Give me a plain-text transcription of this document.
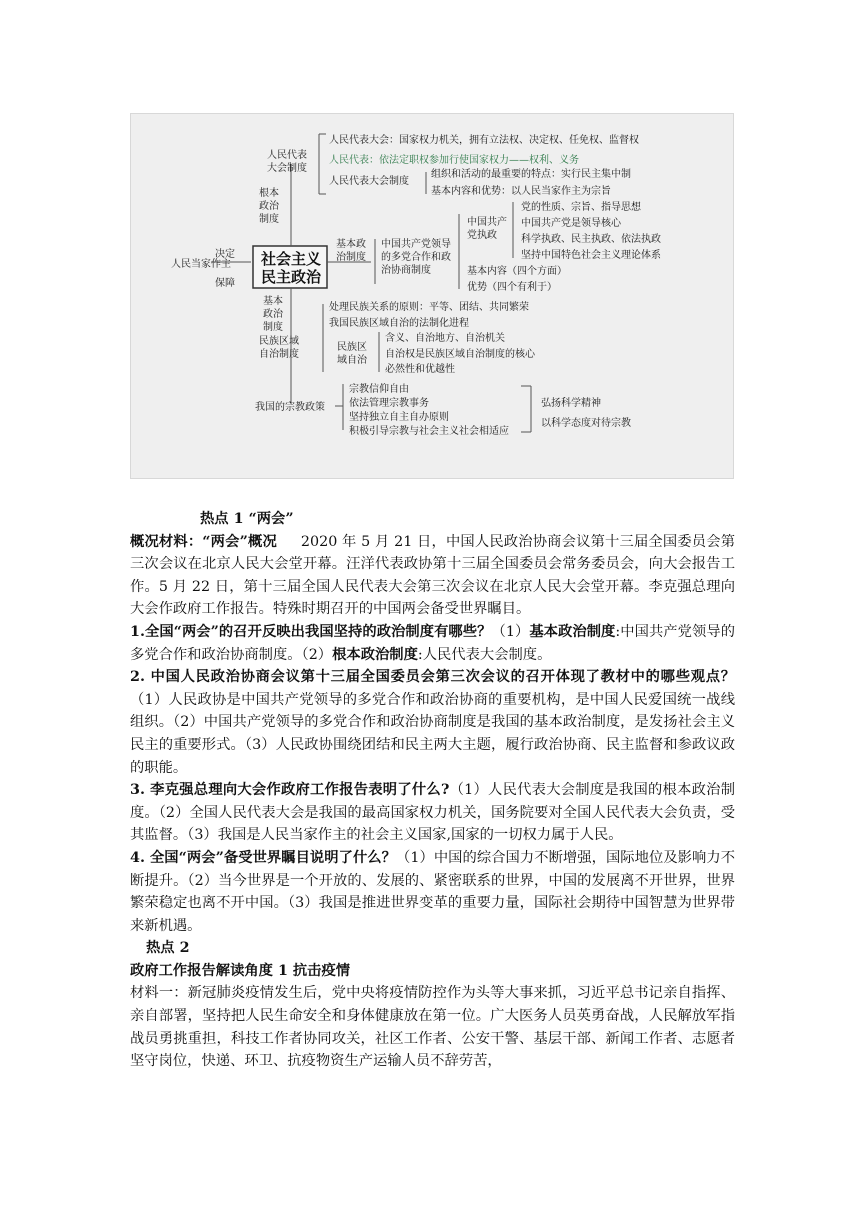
人民当家作主
决定
保障
社会主义
民主政治
根本政治制度
人民代表大会制度
人民代表大会：国家权力机关，拥有立法权、决定权、任免权、监督权
人民代表：依法定职权参加行使国家权力——权利、义务
人民代表大会制度
组织和活动的最重要的特点：实行民主集中制
基本内容和优势：以人民当家作主为宗旨
基本政治制度
中国共产党领导的多党合作和政治协商制度
中国共产党执政
党的性质、宗旨、指导思想
中国共产党是领导核心
科学执政、民主执政、依法执政
坚持中国特色社会主义理论体系
基本内容（四个方面）
优势（四个有利于）
基本政治制度
民族区域自治制度
处理民族关系的原则：平等、团结、共同繁荣
我国民族区域自治的法制化进程
民族区域自治
含义、自治地方、自治机关
自治权是民族区域自治制度的核心
必然性和优越性
我国的宗教政策
宗教信仰自由
依法管理宗教事务
坚持独立自主自办原则
积极引导宗教与社会主义社会相适应
弘扬科学精神
以科学态度对待宗教

热点 1 “两会”

概况材料：“两会”概况 2020 年 5 月 21 日，中国人民政治协商会议第十三届全国委员会第三次会议在北京人民大会堂开幕。汪洋代表政协第十三届全国委员会常务委员会，向大会报告工作。5 月 22 日，第十三届全国人民代表大会第三次会议在北京人民大会堂开幕。李克强总理向大会作政府工作报告。特殊时期召开的中国两会备受世界瞩目。

1.全国“两会”的召开反映出我国坚持的政治制度有哪些？（1）基本政治制度:中国共产党领导的多党合作和政治协商制度。（2）根本政治制度:人民代表大会制度。

2. 中国人民政治协商会议第十三届全国委员会第三次会议的召开体现了教材中的哪些观点？（1）人民政协是中国共产党领导的多党合作和政治协商的重要机构，是中国人民爱国统一战线组织。（2）中国共产党领导的多党合作和政治协商制度是我国的基本政治制度，是发扬社会主义民主的重要形式。（3）人民政协围绕团结和民主两大主题，履行政治协商、民主监督和参政议政的职能。

3. 李克强总理向大会作政府工作报告表明了什么?（1）人民代表大会制度是我国的根本政治制度。（2）全国人民代表大会是我国的最高国家权力机关，国务院要对全国人民代表大会负责，受其监督。（3）我国是人民当家作主的社会主义国家,国家的一切权力属于人民。

4. 全国“两会”备受世界瞩目说明了什么？（1）中国的综合国力不断增强，国际地位及影响力不断提升。（2）当今世界是一个开放的、发展的、紧密联系的世界，中国的发展离不开世界，世界繁荣稳定也离不开中国。（3）我国是推进世界变革的重要力量，国际社会期待中国智慧为世界带来新机遇。

热点 2

政府工作报告解读角度 1 抗击疫情

材料一：新冠肺炎疫情发生后，党中央将疫情防控作为头等大事来抓，习近平总书记亲自指挥、亲自部署，坚持把人民生命安全和身体健康放在第一位。广大医务人员英勇奋战，人民解放军指战员勇挑重担，科技工作者协同攻关，社区工作者、公安干警、基层干部、新闻工作者、志愿者坚守岗位，快递、环卫、抗疫物资生产运输人员不辞劳苦，
